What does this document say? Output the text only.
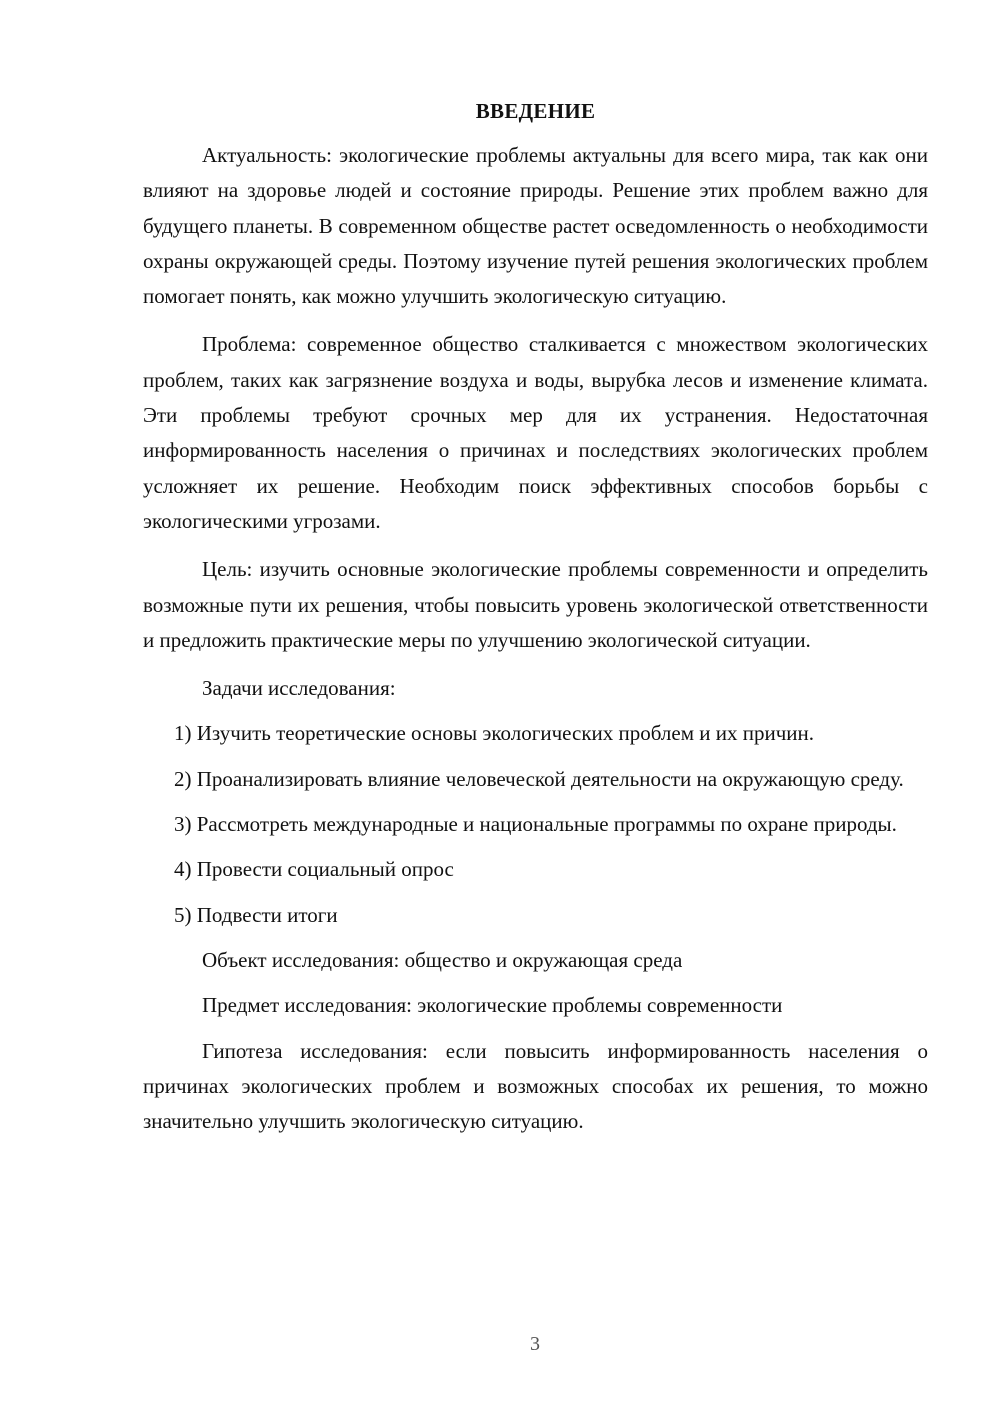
ВВЕДЕНИЕ

Актуальность: экологические проблемы актуальны для всего мира, так как они влияют на здоровье людей и состояние природы. Решение этих проблем важно для будущего планеты. В современном обществе растет осведомленность о необходимости охраны окружающей среды. Поэтому изучение путей решения экологических проблем помогает понять, как можно улучшить экологическую ситуацию.

Проблема: современное общество сталкивается с множеством экологических проблем, таких как загрязнение воздуха и воды, вырубка лесов и изменение климата. Эти проблемы требуют срочных мер для их устранения. Недостаточная информированность населения о причинах и последствиях экологических проблем усложняет их решение. Необходим поиск эффективных способов борьбы с экологическими угрозами.

Цель: изучить основные экологические проблемы современности и определить возможные пути их решения, чтобы повысить уровень экологической ответственности и предложить практические меры по улучшению экологической ситуации.

Задачи исследования:

1) Изучить теоретические основы экологических проблем и их причин.

2) Проанализировать влияние человеческой деятельности на окружающую среду.

3) Рассмотреть международные и национальные программы по охране природы.

4) Провести социальный опрос

5) Подвести итоги

Объект исследования: общество и окружающая среда

Предмет исследования: экологические проблемы современности

Гипотеза исследования: если повысить информированность населения о причинах экологических проблем и возможных способах их решения, то можно значительно улучшить экологическую ситуацию.

3
